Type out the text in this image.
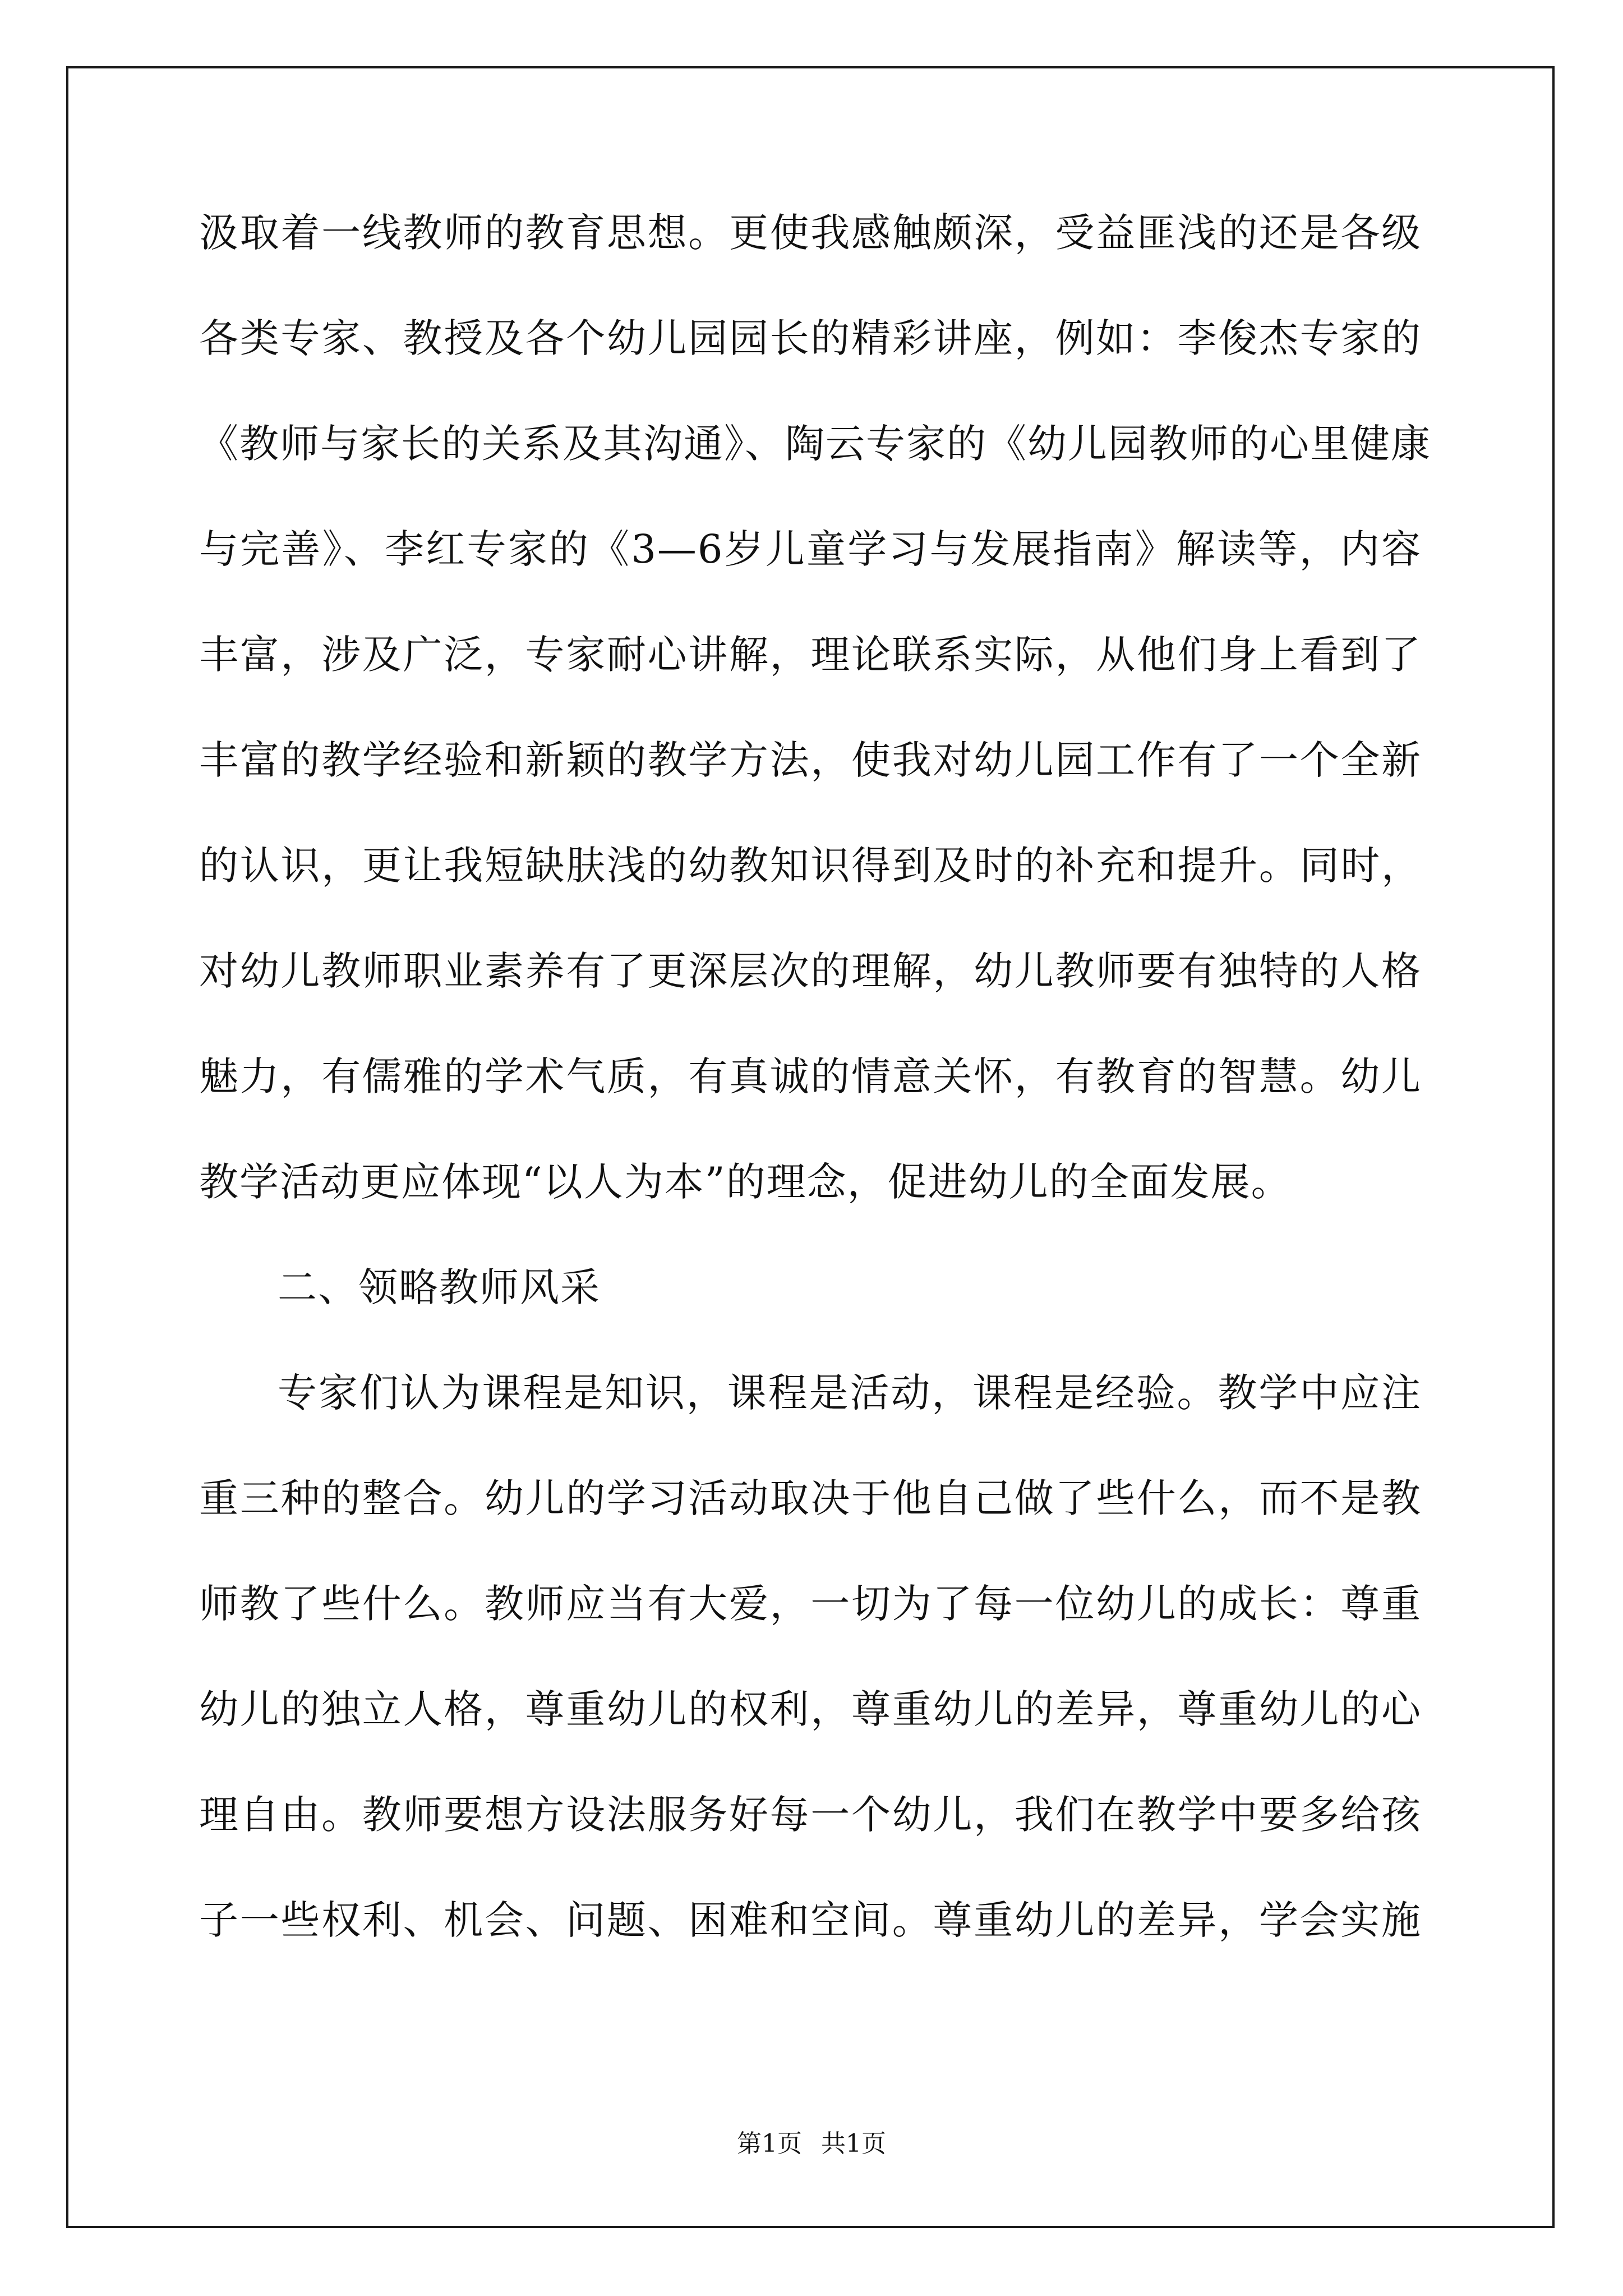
汲取着一线教师的教育思想。更使我感触颇深，受益匪浅的还是各级
各类专家、教授及各个幼儿园园长的精彩讲座，例如：李俊杰专家的
《教师与家长的关系及其沟通》、陶云专家的《幼儿园教师的心里健康
与完善》、李红专家的《3—6岁儿童学习与发展指南》解读等，内容
丰富，涉及广泛，专家耐心讲解，理论联系实际，从他们身上看到了
丰富的教学经验和新颖的教学方法，使我对幼儿园工作有了一个全新
的认识，更让我短缺肤浅的幼教知识得到及时的补充和提升。同时，
对幼儿教师职业素养有了更深层次的理解，幼儿教师要有独特的人格
魅力，有儒雅的学术气质，有真诚的情意关怀，有教育的智慧。幼儿
教学活动更应体现“以人为本”的理念，促进幼儿的全面发展。
二、领略教师风采
专家们认为课程是知识，课程是活动，课程是经验。教学中应注
重三种的整合。幼儿的学习活动取决于他自己做了些什么，而不是教
师教了些什么。教师应当有大爱，一切为了每一位幼儿的成长：尊重
幼儿的独立人格，尊重幼儿的权利，尊重幼儿的差异，尊重幼儿的心
理自由。教师要想方设法服务好每一个幼儿，我们在教学中要多给孩
子一些权利、机会、问题、困难和空间。尊重幼儿的差异，学会实施
第1页 共1页
